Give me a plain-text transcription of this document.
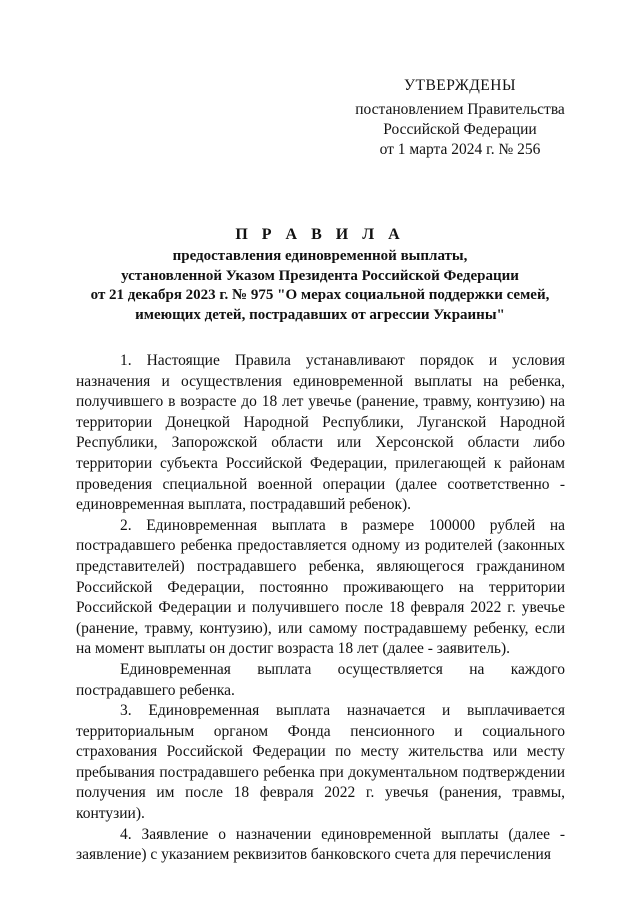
УТВЕРЖДЕНЫ
постановлением Правительства
Российской Федерации
от 1 марта 2024 г. № 256
П Р А В И Л А
предоставления единовременной выплаты,
установленной Указом Президента Российской Федерации
от 21 декабря 2023 г. № 975 "О мерах социальной поддержки семей,
имеющих детей, пострадавших от агрессии Украины"

1. Настоящие Правила устанавливают порядок и условия назначения и осуществления единовременной выплаты на ребенка, получившего в возрасте до 18 лет увечье (ранение, травму, контузию) на территории Донецкой Народной Республики, Луганской Народной Республики, Запорожской области или Херсонской области либо территории субъекта Российской Федерации, прилегающей к районам проведения специальной военной операции (далее соответственно - единовременная выплата, пострадавший ребенок).

2. Единовременная выплата в размере 100000 рублей на пострадавшего ребенка предоставляется одному из родителей (законных представителей) пострадавшего ребенка, являющегося гражданином Российской Федерации, постоянно проживающего на территории Российской Федерации и получившего после 18 февраля 2022 г. увечье (ранение, травму, контузию), или самому пострадавшему ребенку, если на момент выплаты он достиг возраста 18 лет (далее - заявитель).

Единовременная выплата осуществляется на каждого пострадавшего ребенка.

3. Единовременная выплата назначается и выплачивается территориальным органом Фонда пенсионного и социального страхования Российской Федерации по месту жительства или месту пребывания пострадавшего ребенка при документальном подтверждении получения им после 18 февраля 2022 г. увечья (ранения, травмы, контузии).

4. Заявление о назначении единовременной выплаты (далее - заявление) с указанием реквизитов банковского счета для перечисления
